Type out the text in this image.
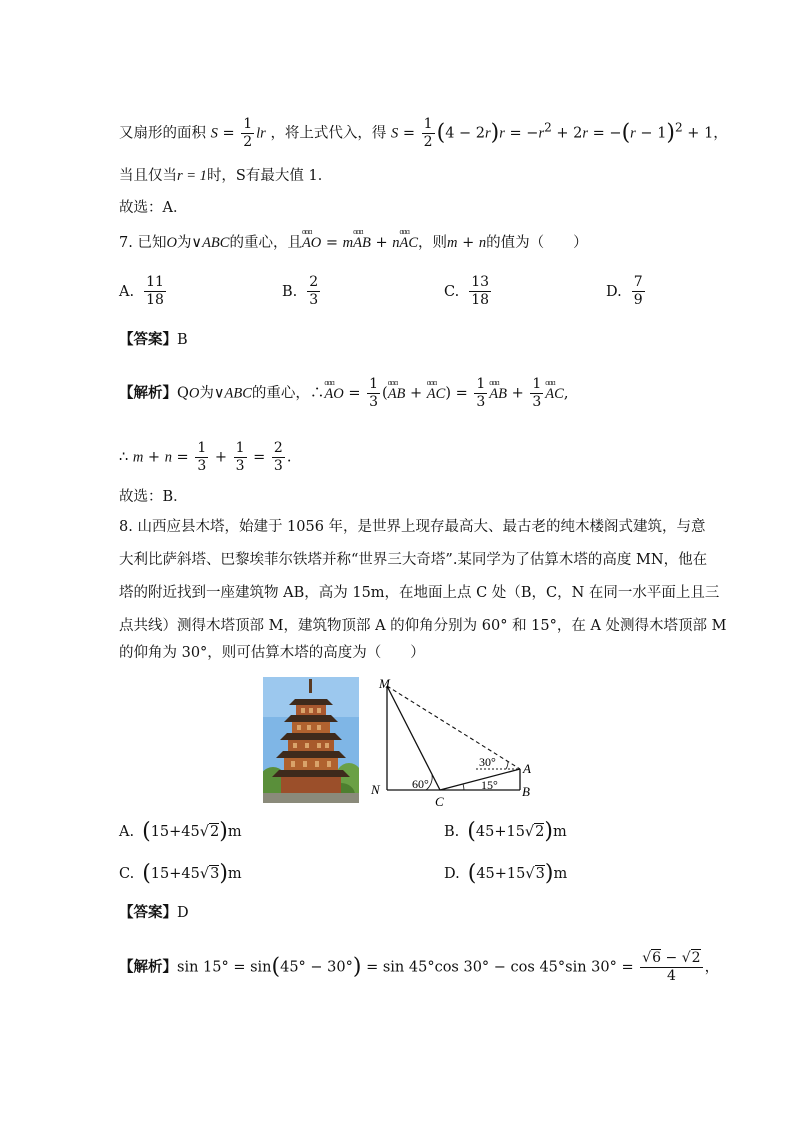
又扇形的面积 $S = \frac{1}{2}$ lr ，将上式代入，得 $S = \frac{1}{2} (4 - 2r)r = -r^2 + 2r = -(r - 1)^2 + 1$，
当且仅当r = 1时，S有最大值 1．
故选：A．
7. 已知O为∨ABC的重心，且ɑɑɑ AO = mɑɑɑ AB + nɑɑɑ AC，则m + n的值为（　　）
A. $\frac{11}{18}$	B. $\frac{2}{3}$	C. $\frac{13}{18}$	D. $\frac{7}{9}$
【答案】B
【解析】QO为∨ABC的重心，∴ɑɑɑ AO = $\frac{1}{3}$ (ɑɑɑ AB + ɑɑɑ $AC) = \frac{1}{3}$ ɑɑɑ AB + $\frac{1}{3}$ ɑɑɑ AC,
∴ $m + n = \frac{1}{3} + \frac{1}{3} = \frac{2}{3}$ .
故选：B．
8. 山西应县木塔，始建于 1056 年，是世界上现存最高大、最古老的纯木楼阁式建筑，与意
大利比萨斜塔、巴黎埃菲尔铁塔并称“世界三大奇塔”.某同学为了估算木塔的高度 MN，他在
塔的附近找到一座建筑物 AB，高为 15m，在地面上点 C 处（B，C，N 在同一水平面上且三
点共线）测得木塔顶部 M，建筑物顶部 A 的仰角分别为 60° 和 15°，在 A 处测得木塔顶部 M
的仰角为 30°，则可估算木塔的高度为（　　）
M
N
C
A
B
60°	15°
30°
A. (15+45√2)m	B. (45+15√2)m
C. (15+45√3)m	D. (45+15√3)m
【答案】D
【解析】sin 15° = sin(45° − 30°) = sin 45°cos 30° − cos 45°sin $30^\circ = \frac{√6 - √2}{4}$ ，
